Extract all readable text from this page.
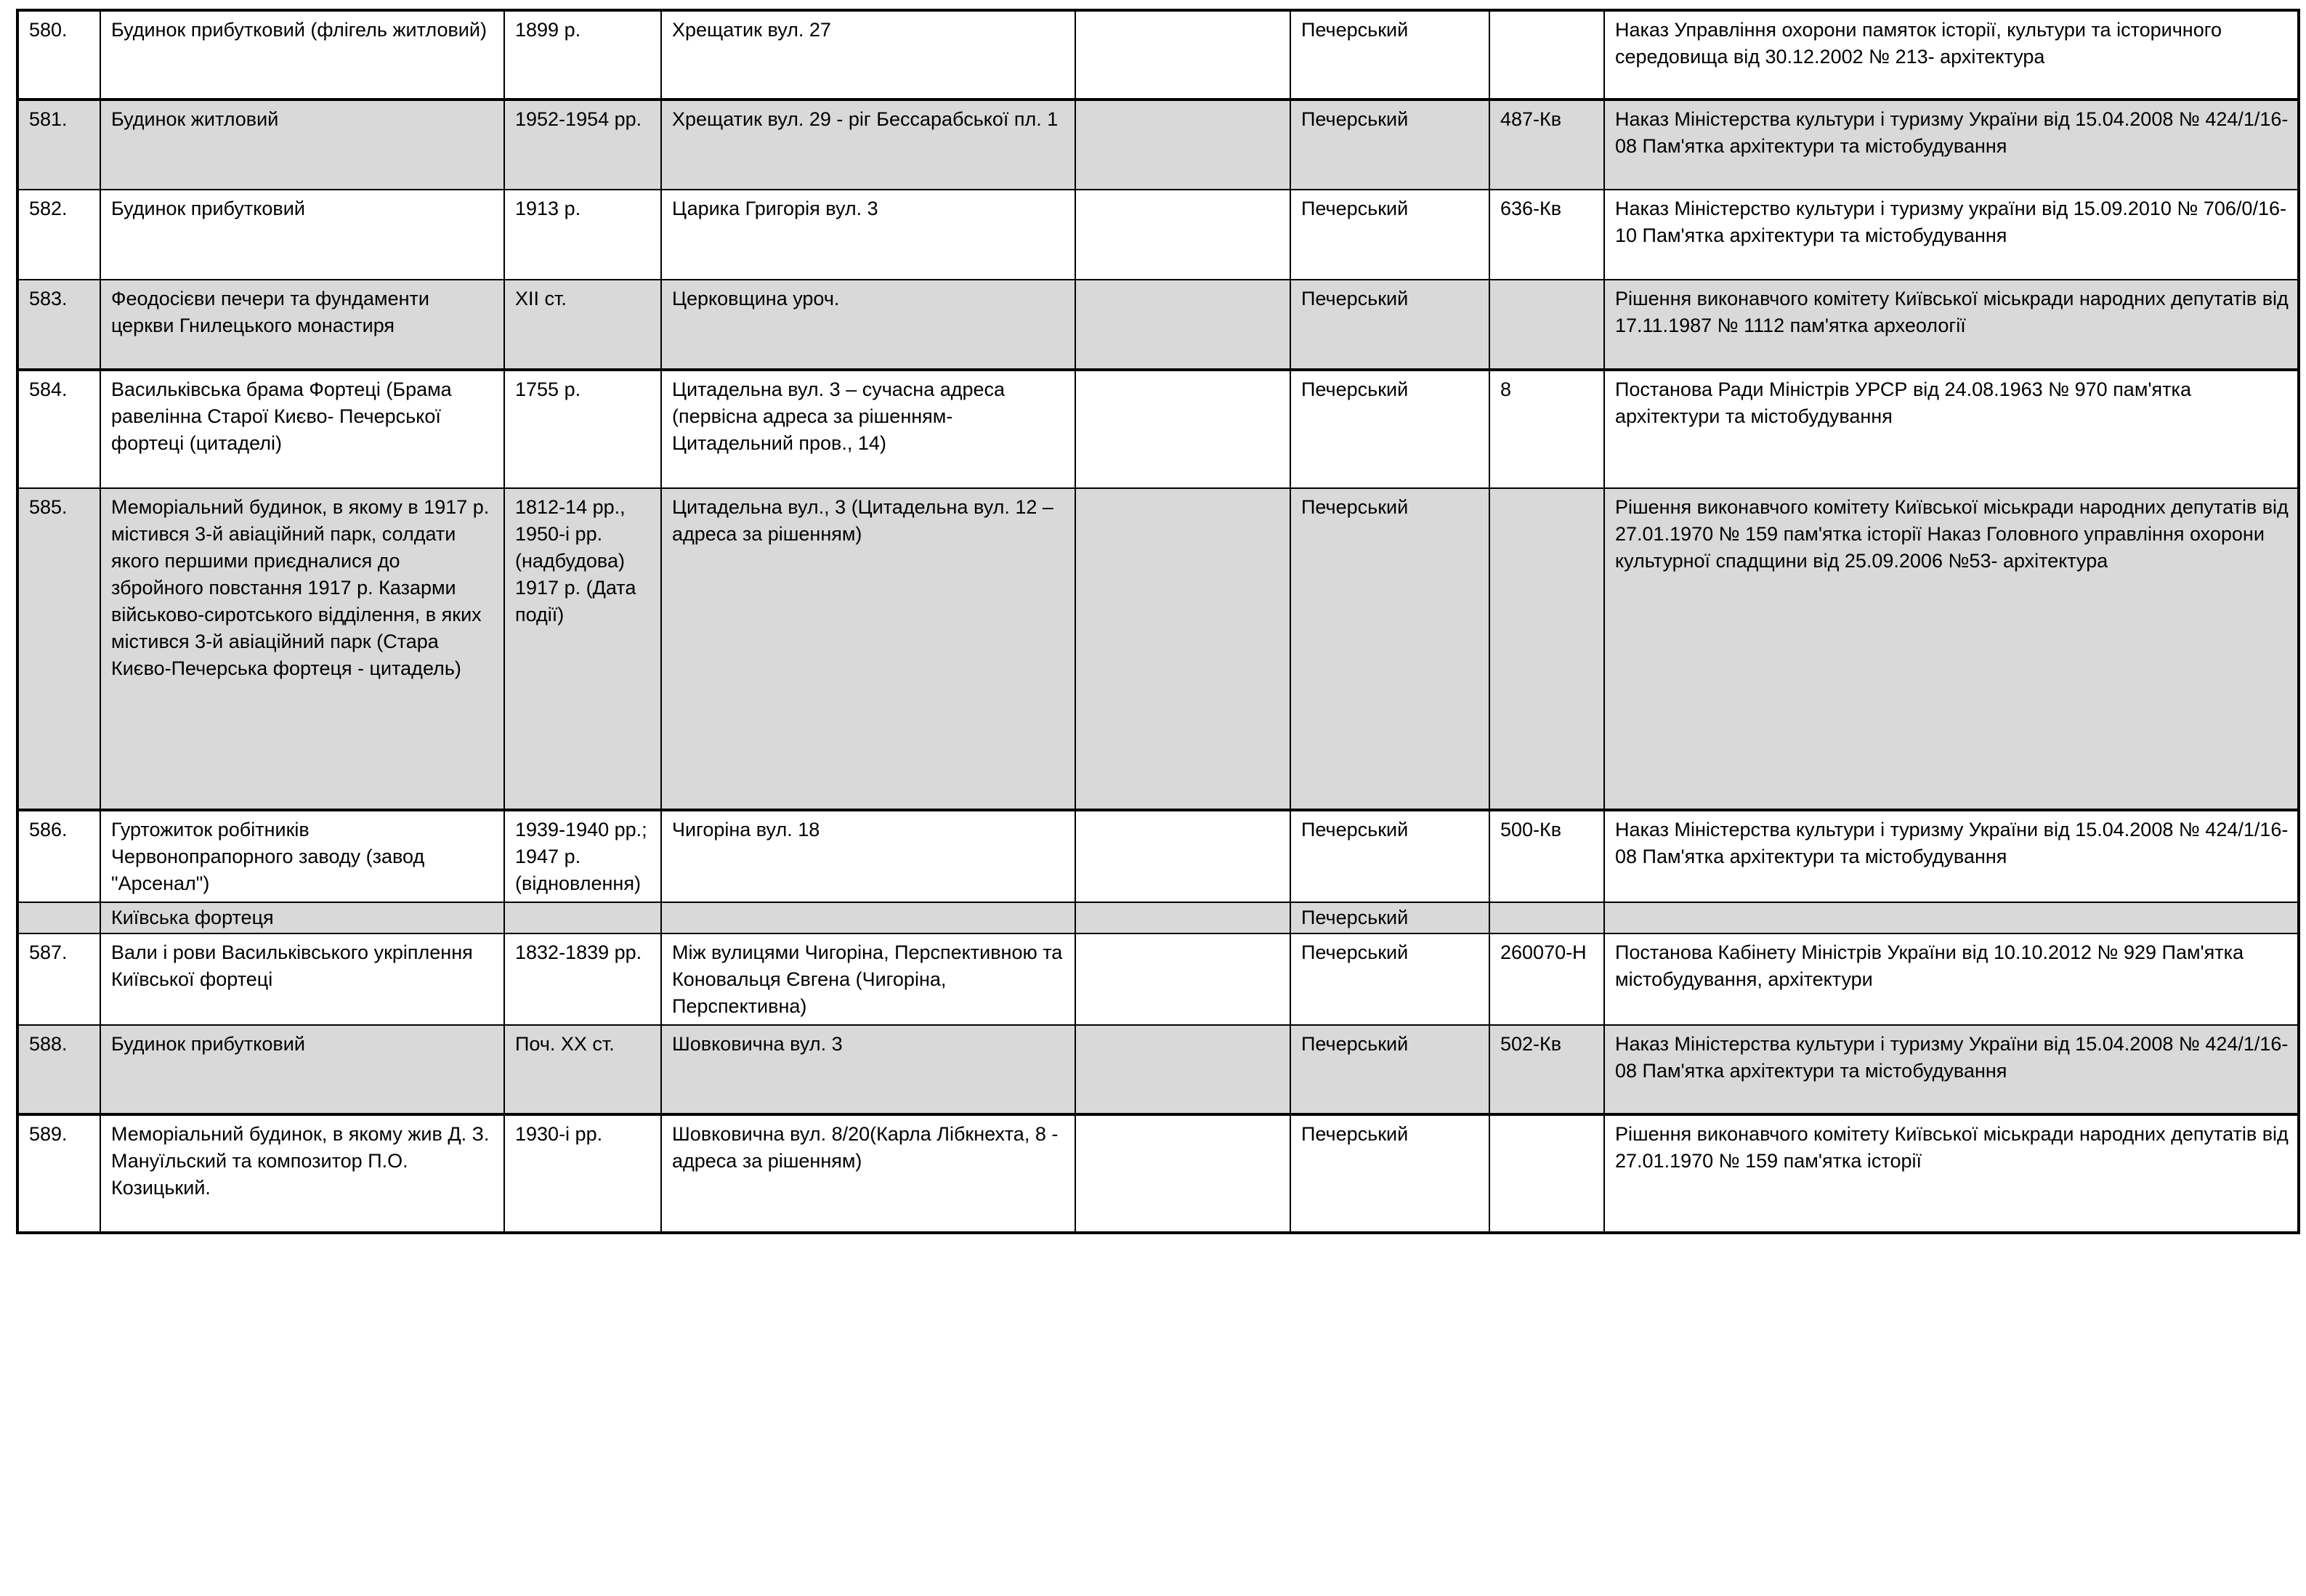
580.	Будинок прибутковий (флігель житловий)	1899 р.	Хрещатик вул. 27		Печерський		Наказ Управління охорони памяток історії, культури та історичного середовища від 30.12.2002 № 213- архітектура
581.	Будинок житловий	1952-1954 рр.	Хрещатик вул. 29 - ріг Бессарабської пл. 1		Печерський	487-Кв	Наказ Міністерства культури і туризму України від 15.04.2008 № 424/1/16-08 Пам'ятка архітектури та містобудування
582.	Будинок прибутковий	1913 р.	Царика Григорія вул. 3		Печерський	636-Кв	Наказ Міністерство культури і туризму україни від 15.09.2010 № 706/0/16-10 Пам'ятка архітектури та містобудування
583.	Феодосієви печери та фундаменти церкви Гнилецького монастиря	ХІІ ст.	Церковщина уроч.		Печерський		Рішення виконавчого комітету Київської міськради народних депутатів від 17.11.1987 № 1112 пам'ятка археології
584.	Васильківська брама Фортеці (Брама равелінна Старої Києво- Печерської фортеці (цитаделі)	1755 р.	Цитадельна вул. 3 – сучасна адреса (первісна адреса за рішенням- Цитадельний пров., 14)		Печерський	8	Постанова Ради Міністрів УРСР від 24.08.1963 № 970 пам'ятка архітектури та містобудування
585.	Меморіальний будинок, в якому в 1917 р. містився 3-й авіаційний парк, солдати якого першими приєдналися до збройного повстання 1917 р. Казарми військово-сиротського відділення, в яких містився 3-й авіаційний парк (Стара Києво-Печерська фортеця - цитадель)	1812-14 рр., 1950-і рр. (надбудова) 1917 р. (Дата події)	Цитадельна вул., 3 (Цитадельна вул. 12 – адреса за рішенням)		Печерський		Рішення виконавчого комітету Київської міськради народних депутатів від 27.01.1970 № 159 пам'ятка історії Наказ Головного управління охорони культурної спадщини від 25.09.2006 №53- архітектура
586.	Гуртожиток робітників Червонопрапорного заводу (завод "Арсенал")	1939-1940 рр.; 1947 р. (відновлення)	Чигоріна вул. 18		Печерський	500-Кв	Наказ Міністерства культури і туризму України від 15.04.2008 № 424/1/16-08 Пам'ятка архітектури та містобудування
	Київська фортеця				Печерський		
587.	Вали і рови Васильківського укріплення Київської фортеці	1832-1839 рр.	Між вулицями Чигоріна, Перспективною та Коновальця Євгена (Чигоріна, Перспективна)		Печерський	260070-Н	Постанова Кабінету Міністрів України від 10.10.2012 № 929 Пам'ятка містобудування, архітектури
588.	Будинок прибутковий	Поч. ХХ ст.	Шовковична вул. 3		Печерський	502-Кв	Наказ Міністерства культури і туризму України від 15.04.2008 № 424/1/16-08 Пам'ятка архітектури та містобудування
589.	Меморіальний будинок, в якому жив Д. З. Мануїльский та композитор П.О. Козицький.	1930-і рр.	Шовковична вул. 8/20(Карла Лібкнехта, 8 - адреса за рішенням)		Печерський		Рішення виконавчого комітету Київської міськради народних депутатів від 27.01.1970 № 159 пам'ятка історії
